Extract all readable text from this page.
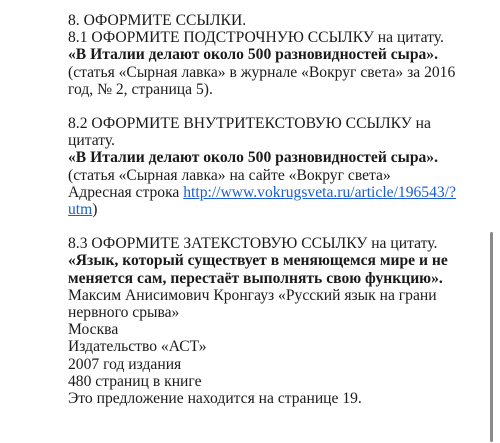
8. ОФОРМИТЕ ССЫЛКИ.
8.1 ОФОРМИТЕ ПОДСТРОЧНУЮ ССЫЛКУ на цитату.
«В Италии делают около 500 разновидностей сыра».
(статья «Сырная лавка» в журнале «Вокруг света» за 2016
год, № 2, страница 5).
8.2 ОФОРМИТЕ ВНУТРИТЕКСТОВУЮ ССЫЛКУ на
цитату.
«В Италии делают около 500 разновидностей сыра».
(статья «Сырная лавка» на сайте «Вокруг света»
Адресная строка http://www.vokrugsveta.ru/article/196543/?
utm)
8.3 ОФОРМИТЕ ЗАТЕКСТОВУЮ ССЫЛКУ на цитату.
«Язык, который существует в меняющемся мире и не
меняется сам, перестаёт выполнять свою функцию».
Максим Анисимович Кронгауз «Русский язык на грани
нервного срыва»
Москва
Издательство «АСТ»
2007 год издания
480 страниц в книге
Это предложение находится на странице 19.
